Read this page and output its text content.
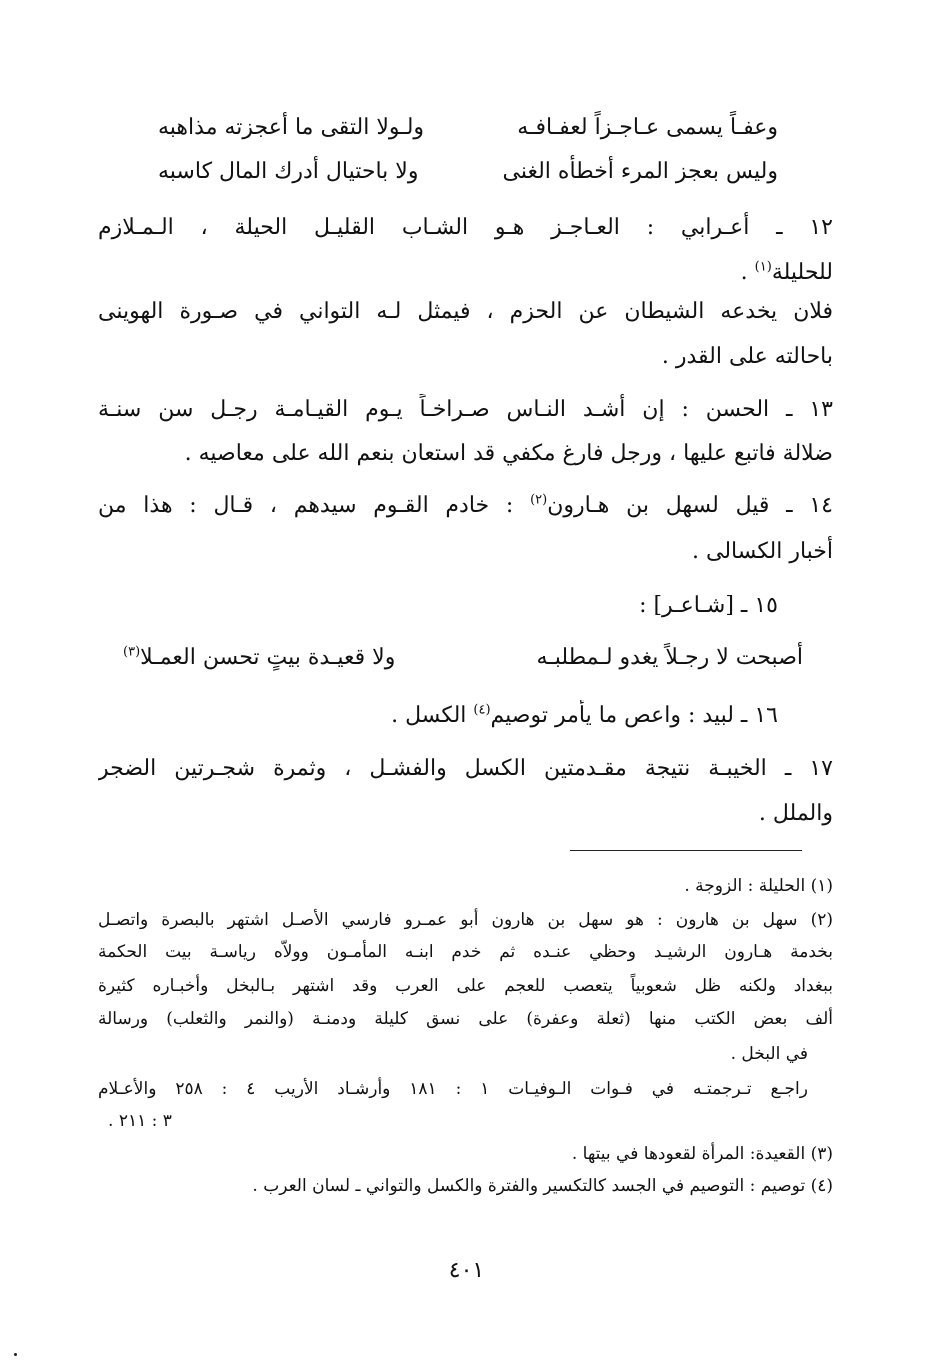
وعفـاً يسمى عـاجـزاً لعفـافـه
ولـولا التقى ما أعجزته مذاهبه
وليس بعجز المرء أخطأه الغنى
ولا باحتيال أدرك المال كاسبه
١٢ ـ أعـرابي : العـاجـز هـو الشـاب القليـل الحيلة ، الـمـلازم
للحليلة$^{(١)}$ .
فلان يخدعه الشيطان عن الحزم ، فيمثل لـه التواني في صـورة الهوينى
باحالته على القدر .
١٣ ـ الحسن : إن أشـد النـاس صـراخـاً يـوم القيـامـة رجـل سن سنـة
ضلالة فاتبع عليها ، ورجل فارغ مكفي قد استعان بنعم الله على معاصيه .
١٤ ـ قيل لسهل بن هـارون$^{(٢)}$ : خادم القـوم سيدهم ، قـال : هذا من
أخبار الكسالى .
١٥ ـ [شـاعـر] :
أصبحت لا رجـلاً يغدو لـمطلبـه
ولا قعيـدة بيتٍ تحسن العمـلا$^{(٣)}$
١٦ ـ لبيد : واعص ما يأمر توصيم$^{(٤)}$ الكسل .
١٧ ـ الخيبـة نتيجة مقـدمتين الكسل والفشـل ، وثمرة شجـرتين الضجر
والملل .
(١) الحليلة : الزوجة .
(٢) سهل بن هارون : هو سهل بن هارون أبو عمـرو فارسي الأصـل اشتهر بالبصرة واتصـل
بخدمة هـارون الرشيـد وحظي عنـده ثم خدم ابنـه المأمـون وولاّه رياسـة بيت الحكمة
ببغداد ولكنه ظل شعوبياً يتعصب للعجم على العرب وقد اشتهر بـالبخل وأخبـاره كثيرة
ألف بعض الكتب منها (ثعلة وعفرة) على نسق كليلة ودمنـة (والنمر والثعلب) ورسالة
في البخل .
راجـع تـرجمتـه في فـوات الـوفيـات ١ : ١٨١ وأرشـاد الأريب ٤ : ٢٥٨ والأعـلام
٣ : ٢١١ .
(٣) القعيدة: المرأة لقعودها في بيتها .
(٤) توصيم : التوصيم في الجسد كالتكسير والفترة والكسل والتواني ـ لسان العرب .
٤٠١
